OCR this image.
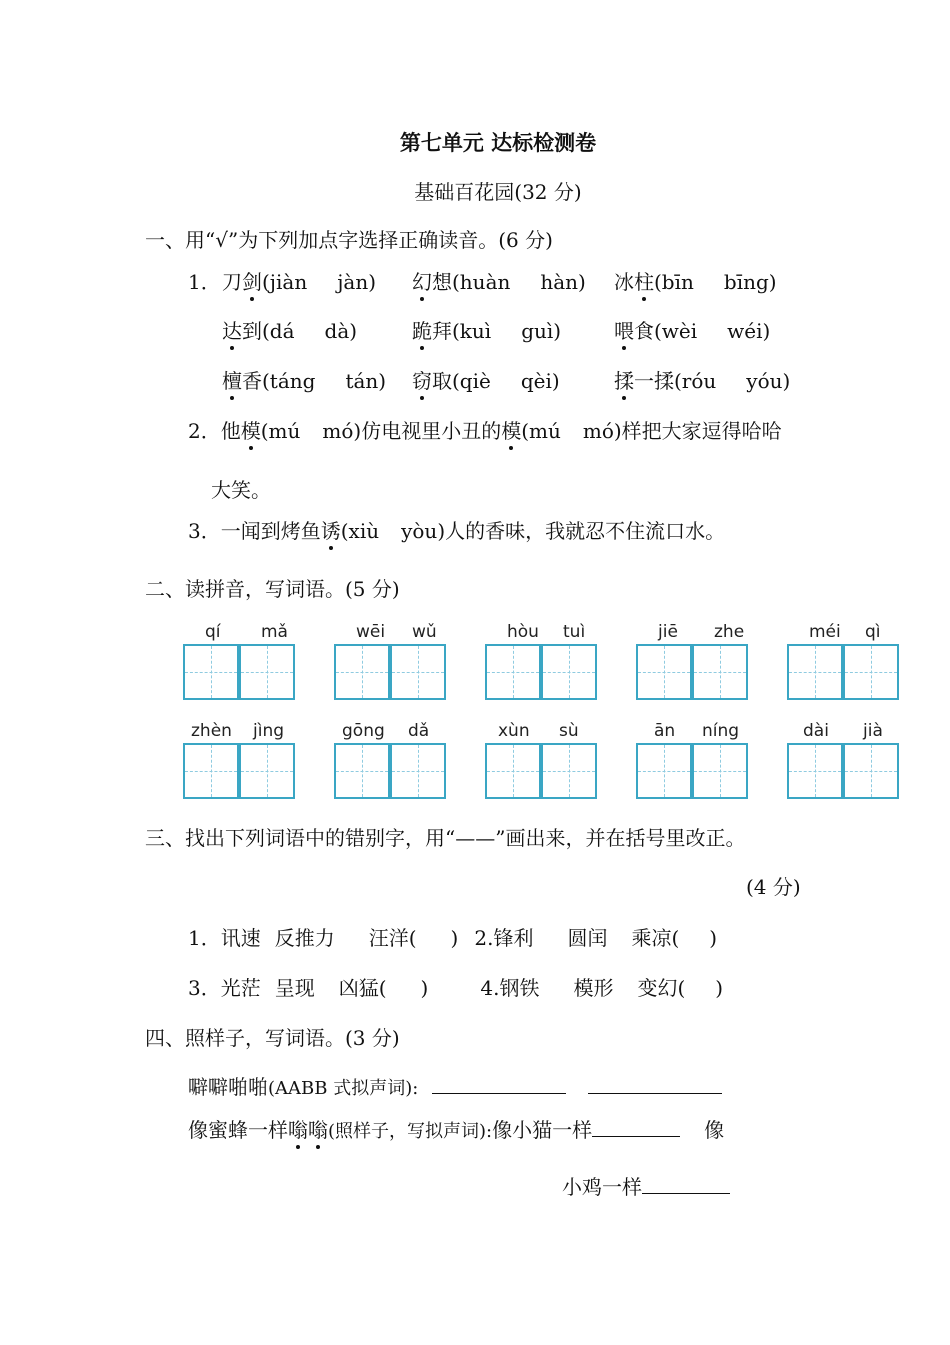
第七单元 达标检测卷
基础百花园(32 分)
一、用“√”为下列加点字选择正确读音。(6 分)
1． 刀剑(jiàn jàn) 幻想(huàn hàn) 冰柱(bīn bīng)
达到(dá dà)	跪拜(kuì guì)	喂食(wèi wéi)
檀香(táng tán) 窃取(qiè qèi)	揉一揉(róu yóu)
2．他模(mú mó)仿电视里小丑的模(mú mó)样把大家逗得哈哈
大笑。
3．一闻到烤鱼诱(xiù yòu)人的香味，我就忍不住流口水。
二、读拼音，写词语。(5 分)
qí mǎ	wēi wǔ	hòu tuì	jiē zhe	méi qì
zhèn jìng	gōng dǎ	xùn sù	ān níng	dài jià
三、找出下列词语中的错别字，用“——”画出来，并在括号里改正。
(4 分)
1．讯速 反推力 汪洋( ) 2.锋利 圆闰 乘凉( )
3．光茫 呈现 凶猛( )	4.钢铁 模形 变幻( )
四、照样子，写词语。(3 分)
噼噼啪啪(AABB 式拟声词):
像蜜蜂一样嗡嗡(照样子，写拟声词):像小猫一样	像
小鸡一样
